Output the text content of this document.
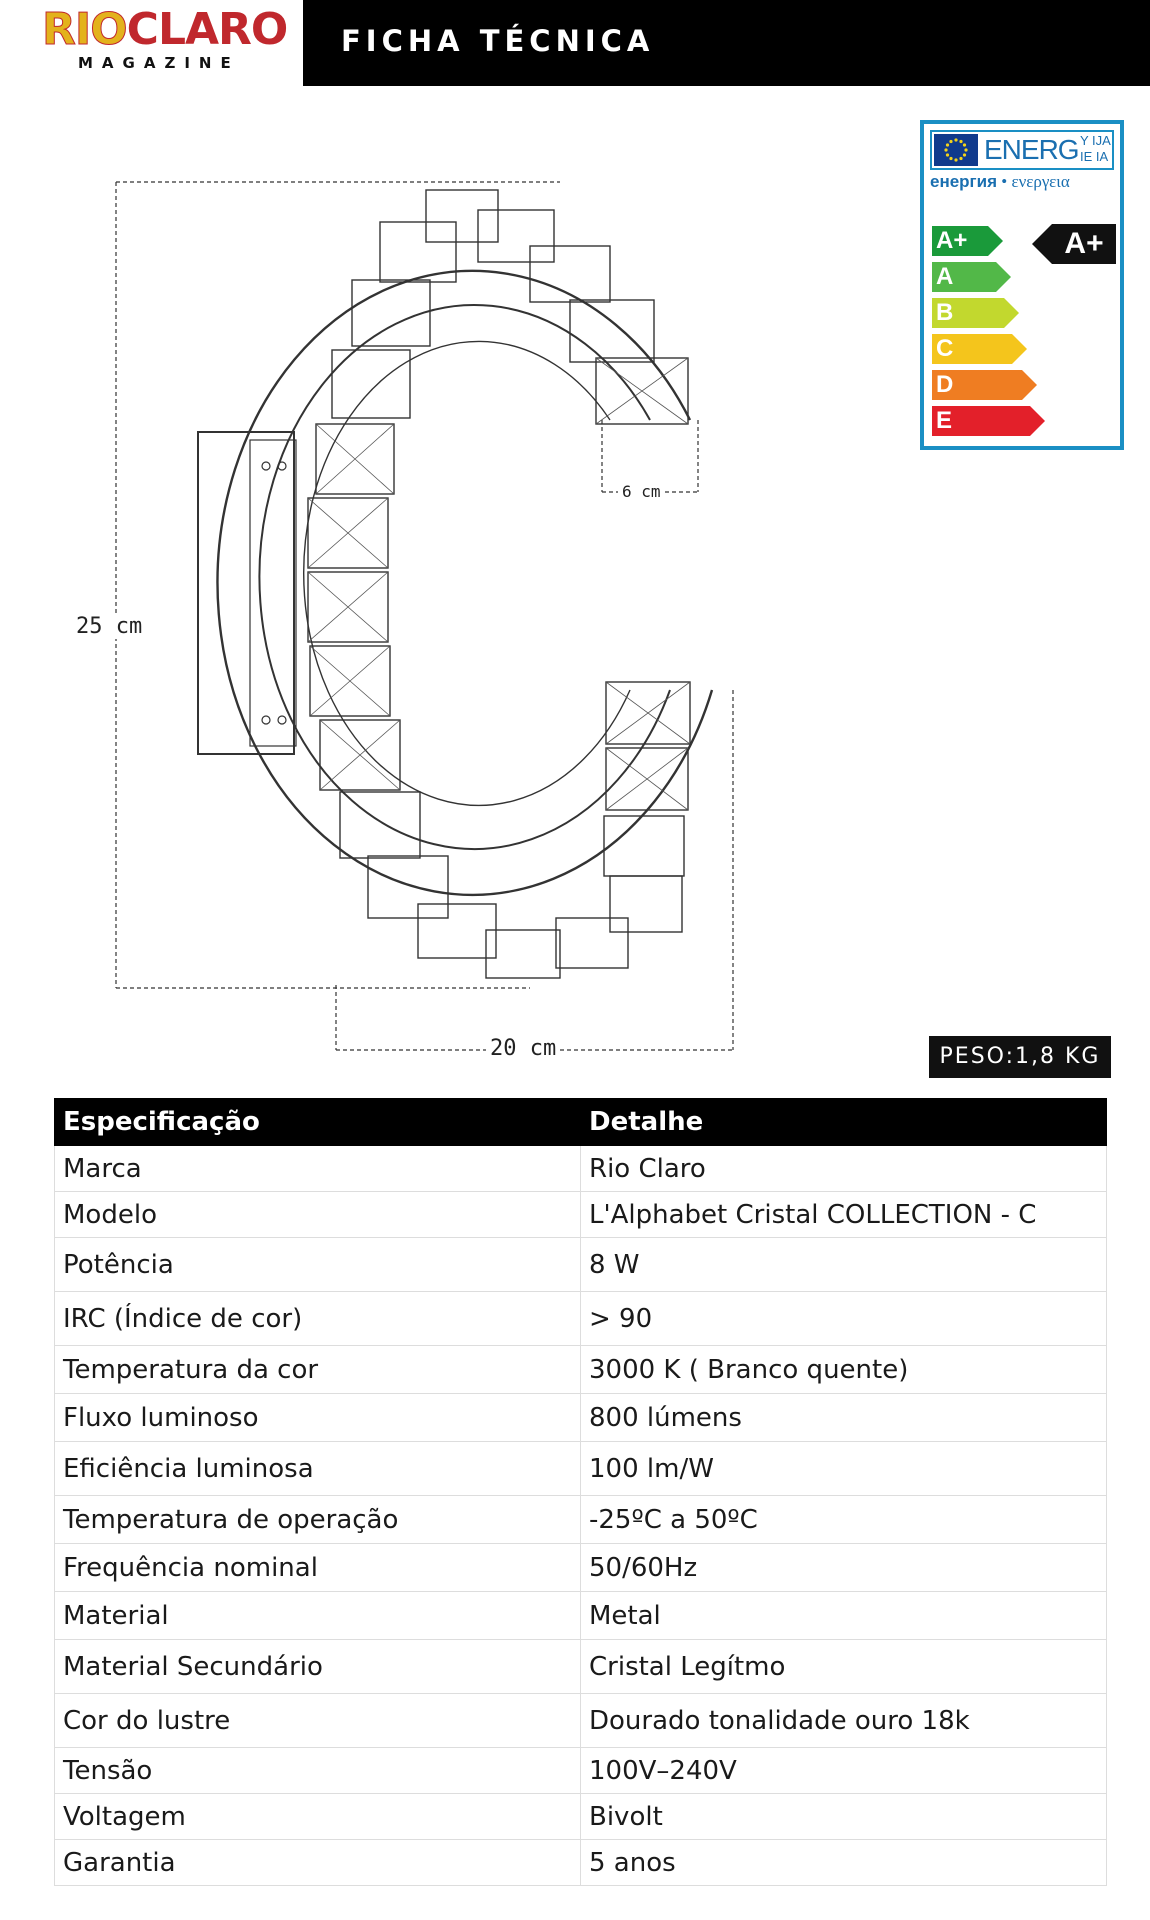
RIOCLARO
MAGAZINE
FICHA TÉCNICA
25 cm
20 cm
6 cm
ENERG Y IJA
IE IA
енергия • ενεργεια
A+
A
B
C
D
E
A+
PESO:1,8 KG
Especificação	Detalhe
Marca	Rio Claro
Modelo	L'Alphabet Cristal COLLECTION - C
Potência	8 W
IRC (Índice de cor)	> 90
Temperatura da cor	3000 K ( Branco quente)
Fluxo luminoso	800 lúmens
Eficiência luminosa	100 lm/W
Temperatura de operação	-25ºC a 50ºC
Frequência nominal	50/60Hz
Material	Metal
Material Secundário	Cristal Legítmo
Cor do lustre	Dourado tonalidade ouro 18k
Tensão	100V–240V
Voltagem	Bivolt
Garantia	5 anos
